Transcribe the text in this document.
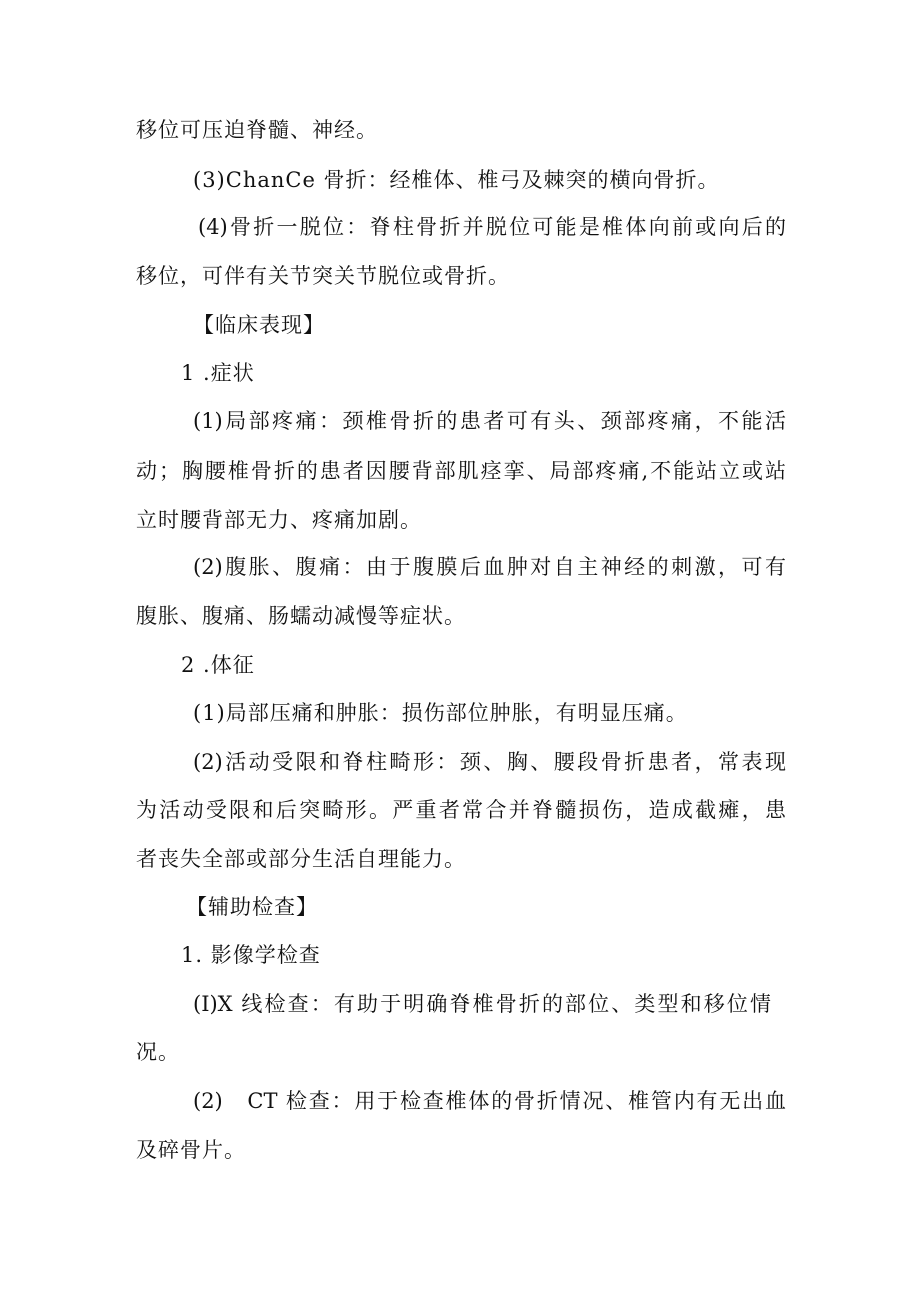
移位可压迫脊髓、神经。
(3)ChanCe 骨折：经椎体、椎弓及棘突的横向骨折。
(4)骨折一脱位：脊柱骨折并脱位可能是椎体向前或向后的
移位，可伴有关节突关节脱位或骨折。
【临床表现】
1 .症状
(1)局部疼痛：颈椎骨折的患者可有头、颈部疼痛，不能活
动；胸腰椎骨折的患者因腰背部肌痉挛、局部疼痛,不能站立或站
立时腰背部无力、疼痛加剧。
(2)腹胀、腹痛：由于腹膜后血肿对自主神经的刺激，可有
腹胀、腹痛、肠蠕动减慢等症状。
2 .体征
(1)局部压痛和肿胀：损伤部位肿胀，有明显压痛。
(2)活动受限和脊柱畸形：颈、胸、腰段骨折患者，常表现
为活动受限和后突畸形。严重者常合并脊髓损伤，造成截瘫，患
者丧失全部或部分生活自理能力。
【辅助检查】
1. 影像学检查
(I)X 线检查：有助于明确脊椎骨折的部位、类型和移位情
况。
(2)　CT 检查：用于检查椎体的骨折情况、椎管内有无出血
及碎骨片。
